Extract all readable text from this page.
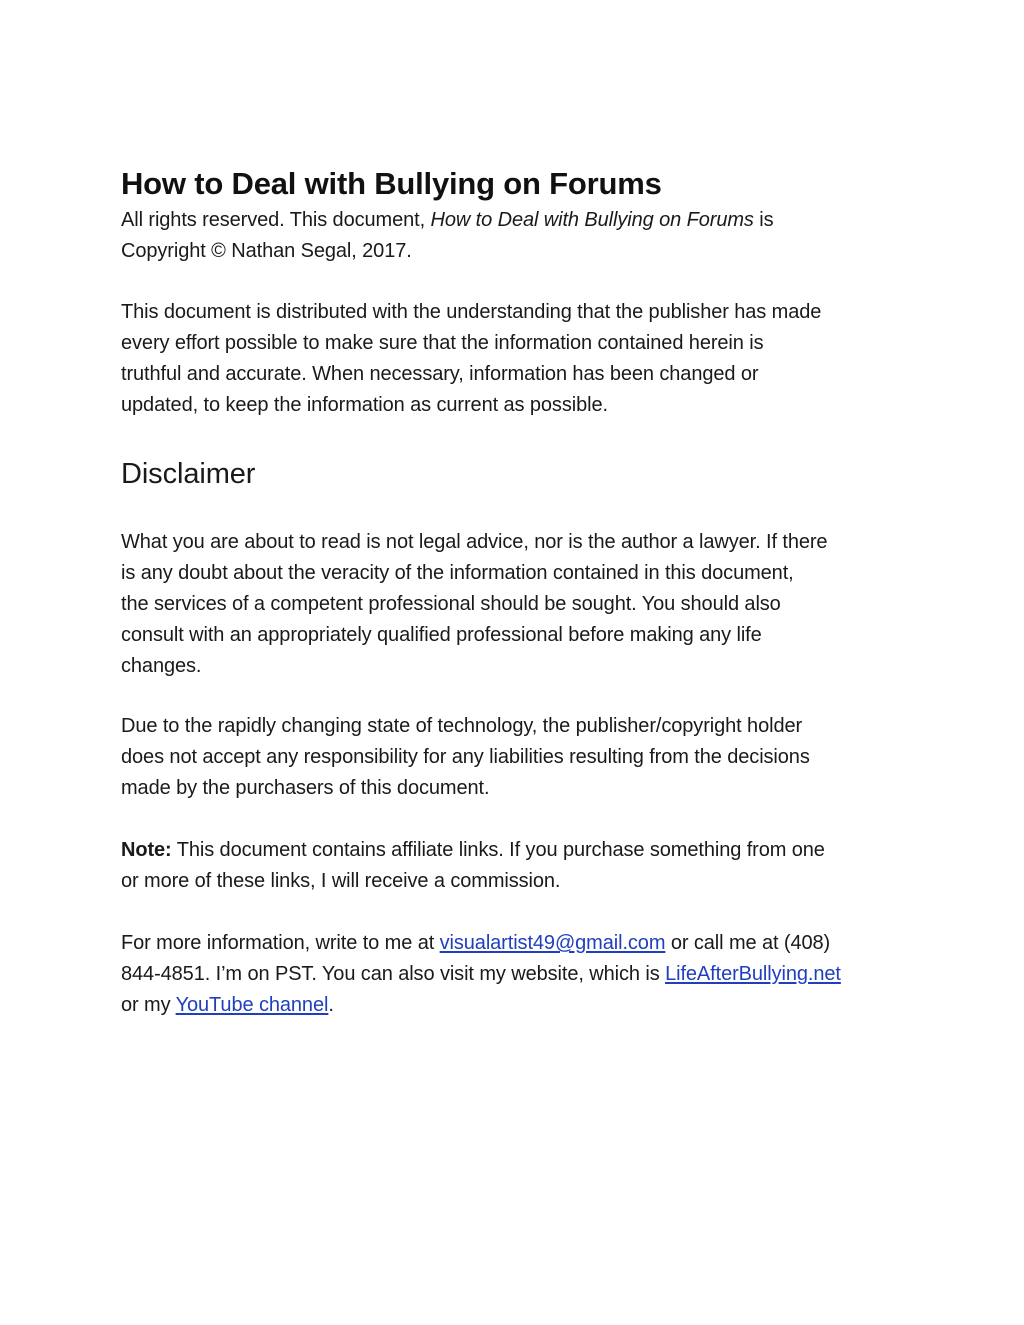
How to Deal with Bullying on Forums

All rights reserved. This document, How to Deal with Bullying on Forums is
Copyright © Nathan Segal, 2017.

This document is distributed with the understanding that the publisher has made
every effort possible to make sure that the information contained herein is
truthful and accurate. When necessary, information has been changed or
updated, to keep the information as current as possible.

Disclaimer

What you are about to read is not legal advice, nor is the author a lawyer. If there
is any doubt about the veracity of the information contained in this document,
the services of a competent professional should be sought. You should also
consult with an appropriately qualified professional before making any life
changes.

Due to the rapidly changing state of technology, the publisher/copyright holder
does not accept any responsibility for any liabilities resulting from the decisions
made by the purchasers of this document.

Note: This document contains affiliate links. If you purchase something from one
or more of these links, I will receive a commission.

For more information, write to me at visualartist49@gmail.com or call me at (408)
844-4851. I’m on PST. You can also visit my website, which is LifeAfterBullying.net
or my YouTube channel.
